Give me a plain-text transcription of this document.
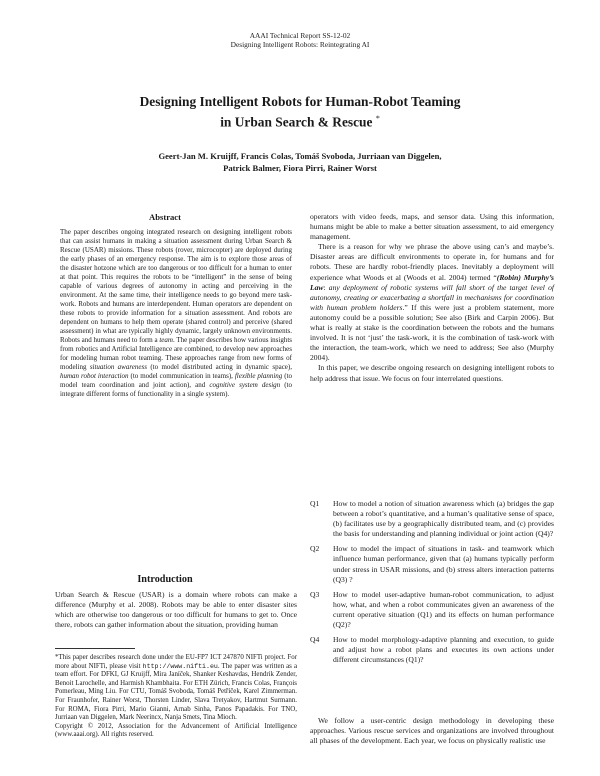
AAAI Technical Report SS-12-02
Designing Intelligent Robots: Reintegrating AI
Designing Intelligent Robots for Human-Robot Teaming
in Urban Search & Rescue *
Geert-Jan M. Kruijff, Francis Colas, Tomáš Svoboda, Jurriaan van Diggelen,
Patrick Balmer, Fiora Pirri, Rainer Worst
Abstract
The paper describes ongoing integrated research on designing intelligent robots that can assist humans in making a situation assessment during Urban Search & Rescue (USAR) missions. These robots (rover, microcopter) are deployed during the early phases of an emergency response. The aim is to explore those areas of the disaster hotzone which are too dangerous or too difficult for a human to enter at that point. This requires the robots to be “intelligent” in the sense of being capable of various degrees of autonomy in acting and perceiving in the environment. At the same time, their intelligence needs to go beyond mere task-work. Robots and humans are interdependent. Human operators are dependent on these robots to provide information for a situation assessment. And robots are dependent on humans to help them operate (shared control) and perceive (shared assessment) in what are typically highly dynamic, largely unknown environments. Robots and humans need to form a team. The paper describes how various insights from robotics and Artificial Intelligence are combined, to develop new approaches for modeling human robot teaming. These approaches range from new forms of modeling situation awareness (to model distributed acting in dynamic space), human robot interaction (to model communication in teams), flexible planning (to model team coordination and joint action), and cognitive system design (to integrate different forms of functionality in a single system).
Introduction
Urban Search & Rescue (USAR) is a domain where robots can make a difference (Murphy et al. 2008). Robots may be able to enter disaster sites which are otherwise too dangerous or too difficult for humans to get to. Once there, robots can gather information about the situation, providing human
*This paper describes research done under the EU-FP7 ICT 247870 NIFTi project. For more about NIFTi, please visit http://www.nifti.eu. The paper was written as a team effort. For DFKI, GJ Kruijff, Mira Janíček, Shanker Keshavdas, Hendrik Zender, Benoit Larochelle, and Harmish Khambhaita. For ETH Zürich, Francis Colas, François Pomerleau, Ming Liu. For CTU, Tomáš Svoboda, Tomáš Petříček, Karel Zimmerman. For Fraunhofer, Rainer Worst, Thorsten Linder, Slava Tretyakov, Hartmut Surmann. For ROMA, Fiora Pirri, Mario Gianni, Arnab Sinha, Panos Papadakis. For TNO, Jurriaan van Diggelen, Mark Neerincx, Nanja Smets, Tina Mioch.
Copyright © 2012, Association for the Advancement of Artificial Intelligence (www.aaai.org). All rights reserved.

operators with video feeds, maps, and sensor data. Using this information, humans might be able to make a better situation assessment, to aid emergency management.

There is a reason for why we phrase the above using can’s and maybe’s. Disaster areas are difficult environments to operate in, for humans and for robots. These are hardly robot-friendly places. Inevitably a deployment will experience what Woods et al (Woods et al. 2004) termed “(Robin) Murphy’s Law: any deployment of robotic systems will fall short of the target level of autonomy, creating or exacerbating a shortfall in mechanisms for coordination with human problem holders.” If this were just a problem statement, more autonomy could be a possible solution; See also (Birk and Carpin 2006). But what is really at stake is the coordination between the robots and the humans involved. It is not ‘just’ the task-work, it is the combination of task-work with the interaction, the team-work, which we need to address; See also (Murphy 2004).

In this paper, we describe ongoing research on designing intelligent robots to help address that issue. We focus on four interrelated questions.

Q1 How to model a notion of situation awareness which (a) bridges the gap between a robot’s quantitative, and a human’s qualitative sense of space, (b) facilitates use by a geographically distributed team, and (c) provides the basis for understanding and planning individual or joint action (Q4)?
Q2 How to model the impact of situations in task- and teamwork which influence human performance, given that (a) humans typically perform under stress in USAR missions, and (b) stress alters interaction patterns (Q3) ?
Q3 How to model user-adaptive human-robot communication, to adjust how, what, and when a robot communicates given an awareness of the current operative situation (Q1) and its effects on human performance (Q2)?
Q4 How to model morphology-adaptive planning and execution, to guide and adjust how a robot plans and executes its own actions under different circumstances (Q1)?
We follow a user-centric design methodology in developing these approaches. Various rescue services and organizations are involved throughout all phases of the development. Each year, we focus on physically realistic use
